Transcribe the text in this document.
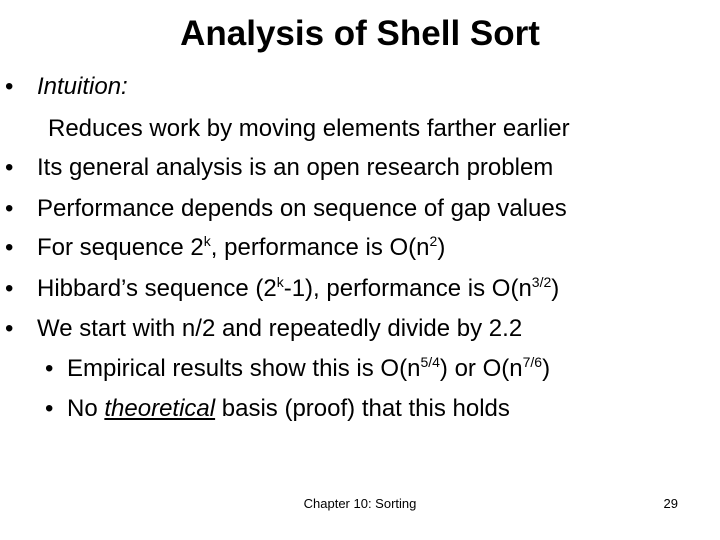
Analysis of Shell Sort
• Intuition:
Reduces work by moving elements farther earlier
• Its general analysis is an open research problem
• Performance depends on sequence of gap values
• For sequence 2$^k$, performance is $O(n^2)$
• Hibbard’s sequence (2$^k$-1), performance is $O(n^{3/2})$
• We start with n/2 and repeatedly divide by 2.2
• Empirical results show this is $O(n^{5/4})$ or $O(n^{7/6})$
• No theoretical basis (proof) that this holds
Chapter 10: Sorting	29
